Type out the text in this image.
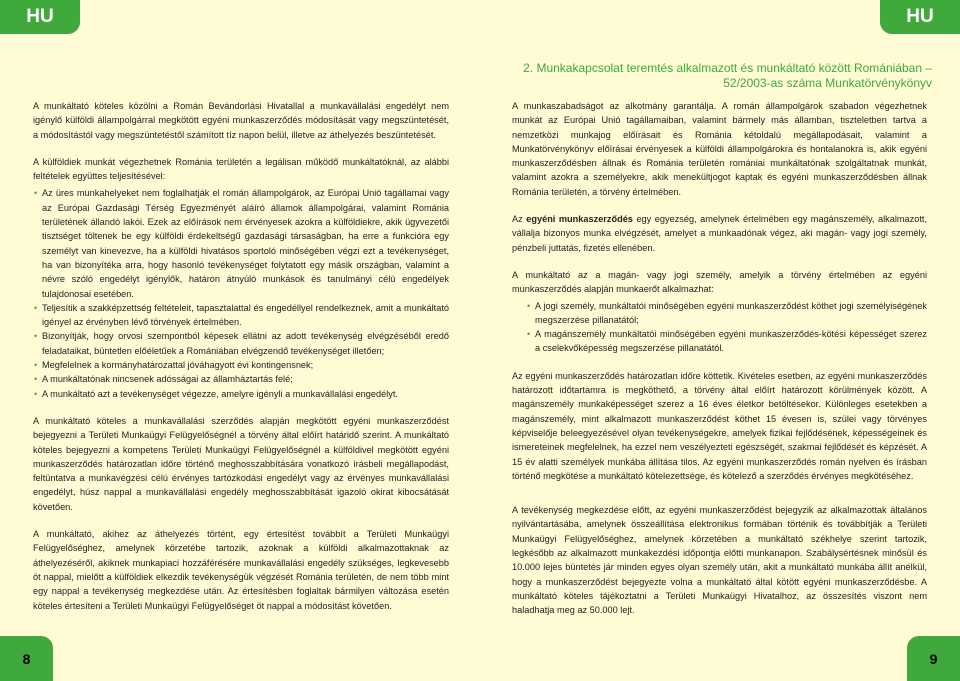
HU

A munkáltató köteles közölni a Román Bevándorlási Hivatallal a munkavállalási engedélyt nem igénylő külföldi állampolgárral megkötött egyéni munkaszerződés módosítását vagy megszüntetését, a módosítástól vagy megszüntetéstől számított tíz napon belül, illetve az áthelyezés beszüntetését.

A külföldiek munkát végezhetnek Románia területén a legálisan működő munkáltatóknál, az alábbi feltételek együttes teljesítésével:

• Az üres munkahelyeket nem foglalhatják el román állampolgárok, az Európai Unió tagállamai vagy az Európai Gazdasági Térség Egyezményét aláíró államok állampolgárai, valamint Románia területének állandó lakói. Ezek az előírások nem érvényesek azokra a külföldiekre, akik ügyvezetői tisztséget töltenek be egy külföldi érdekeltségű gazdasági társaságban, ha erre a funkcióra egy személyt van kinevezve, ha a külföldi hivatásos sportoló minőségében végzi ezt a tevékenységet, ha van bizonyítéka arra, hogy hasonló tevékenységet folytatott egy másik országban, valamint a névre szóló engedélyt igénylők, határon átnyúló munkások és tanulmányi célú engedélyek tulajdonosai esetében.
• Teljesítik a szakképzettség feltételeit, tapasztalattal és engedéllyel rendelkeznek, amit a munkáltató igényel az érvényben lévő törvények értelmében.
• Bizonyítják, hogy orvosi szempontból képesek ellátni az adott tevékenység elvégzéséből eredő feladataikat, büntetlen előéletűek a Romániában elvégzendő tevékenységet illetően;
• Megfelelnek a kormányhatározattal jóváhagyott évi kontingensnek;
• A munkáltatónak nincsenek adósságai az államháztartás felé;
• A munkáltató azt a tevékenységet végezze, amelyre igényli a munkavállalási engedélyt.

A munkáltató köteles a munkavállalási szerződés alapján megkötött egyéni munkaszerződést bejegyezni a Területi Munkaügyi Felügyelőségnél a törvény által előírt határidő szerint. A munkáltató köteles bejegyezni a kompetens Területi Munkaügyi Felügyelőségnél a külföldivel megkötött egyéni munkaszerződés határozatlan időre történő meghosszabbítására vonatkozó írásbeli megállapodást, feltüntatva a munkavégzési célú érvényes tartózkodási engedélyt vagy az érvényes munkavállalási engedélyt, húsz nappal a munkavállalási engedély meghosszabbítását igazoló okirat kibocsátását követően.

A munkáltató, akihez az áthelyezés történt, egy értesítést továbbít a Területi Munkaügyi Felügyelőséghez, amelynek körzetébe tartozik, azoknak a külföldi alkalmazottaknak az áthelyezéséről, akiknek munkapiaci hozzáférésére munkavállalási engedély szükséges, legkevesebb öt nappal, mielőtt a külföldiek elkezdik tevékenységük végzését Románia területén, de nem több mint egy nappal a tevékenység megkezdése után. Az értesítésben foglaltak bármilyen változása esetén köteles értesíteni a Területi Munkaügyi Felügyelőséget öt nappal a módosítást követően.

8
HU
2. Munkakapcsolat teremtés alkalmazott és munkáltató között Romániában –
52/2003-as száma Munkatörvénykönyv

A munkaszabadságot az alkotmány garantálja. A román állampolgárok szabadon végezhetnek munkát az Európai Unió tagállamaiban, valamint bármely más államban, tiszteletben tartva a nemzetközi munkajog előírásait és Románia kétoldalú megállapodásait, valamint a Munkatörvénykönyv előírásai érvényesek a külföldi állampolgárokra és hontalanokra is, akik egyéni munkaszerződésben állnak és Románia területén romániai munkáltatónak szolgáltatnak munkát, valamint azokra a személyekre, akik menekültjogot kaptak és egyéni munkaszerződésben állnak Románia területén, a törvény értelmében.

Az egyéni munkaszerződés egy egyezség, amelynek értelmében egy magánszemély, alkalmazott, vállalja bizonyos munka elvégzését, amelyet a munkaadónak végez, aki magán- vagy jogi személy, pénzbeli juttatás, fizetés ellenében.

A munkáltató az a magán- vagy jogi személy, amelyik a törvény értelmében az egyéni munkaszerződés alapján munkaerőt alkalmazhat:

• A jogi személy, munkáltatói minőségében egyéni munkaszerződést köthet jogi személyiségének megszerzése pillanatától;
• A magánszemély munkáltatói minőségében egyéni munkaszerződés-kötési képességet szerez a cselekvőképesség megszerzése pillanatától.

Az egyéni munkaszerződés határozatlan időre köttetik. Kivételes esetben, az egyéni munkaszerződés határozott időtartamra is megköthető, a törvény által előírt határozott körülmények között. A magánszemély munkaképességet szerez a 16 éves életkor betöltésekor. Különleges esetekben a magánszemély, mint alkalmazott munkaszerződést köthet 15 évesen is, szülei vagy törvényes képviselője beleegyezésével olyan tevékenységekre, amelyek fizikai fejlődésének, képességeinek és ismereteinek megfelelnek, ha ezzel nem veszélyezteti egészségét, szakmai fejlődését és képzését. A 15 év alatti személyek munkába állítása tilos. Az egyéni munkaszerződés román nyelven és írásban történő megkötése a munkáltató kötelezettsége, és kötelező a szerződés érvényes megkötéséhez.

A tevékenység megkezdése előtt, az egyéni munkaszerződést bejegyzik az alkalmazottak általános nyilvántartásába, amelynek összeállítása elektronikus formában történik és továbbítják a Területi Munkaügyi Felügyelőséghez, amelynek körzetében a munkáltató székhelye szerint tartozik, legkésőbb az alkalmazott munkakezdési időpontja előtti munkanapon. Szabálysértésnek minősül és 10.000 lejes büntetés jár minden egyes olyan személy után, akit a munkáltató munkába állít anélkül, hogy a munkaszerződést bejegyezte volna a munkáltató által kötött egyéni munkaszerződésbe. A munkáltató köteles tájékoztatni a Területi Munkaügyi Hivatalhoz, az összesítés viszont nem haladhatja meg az 50.000 lejt.

9
